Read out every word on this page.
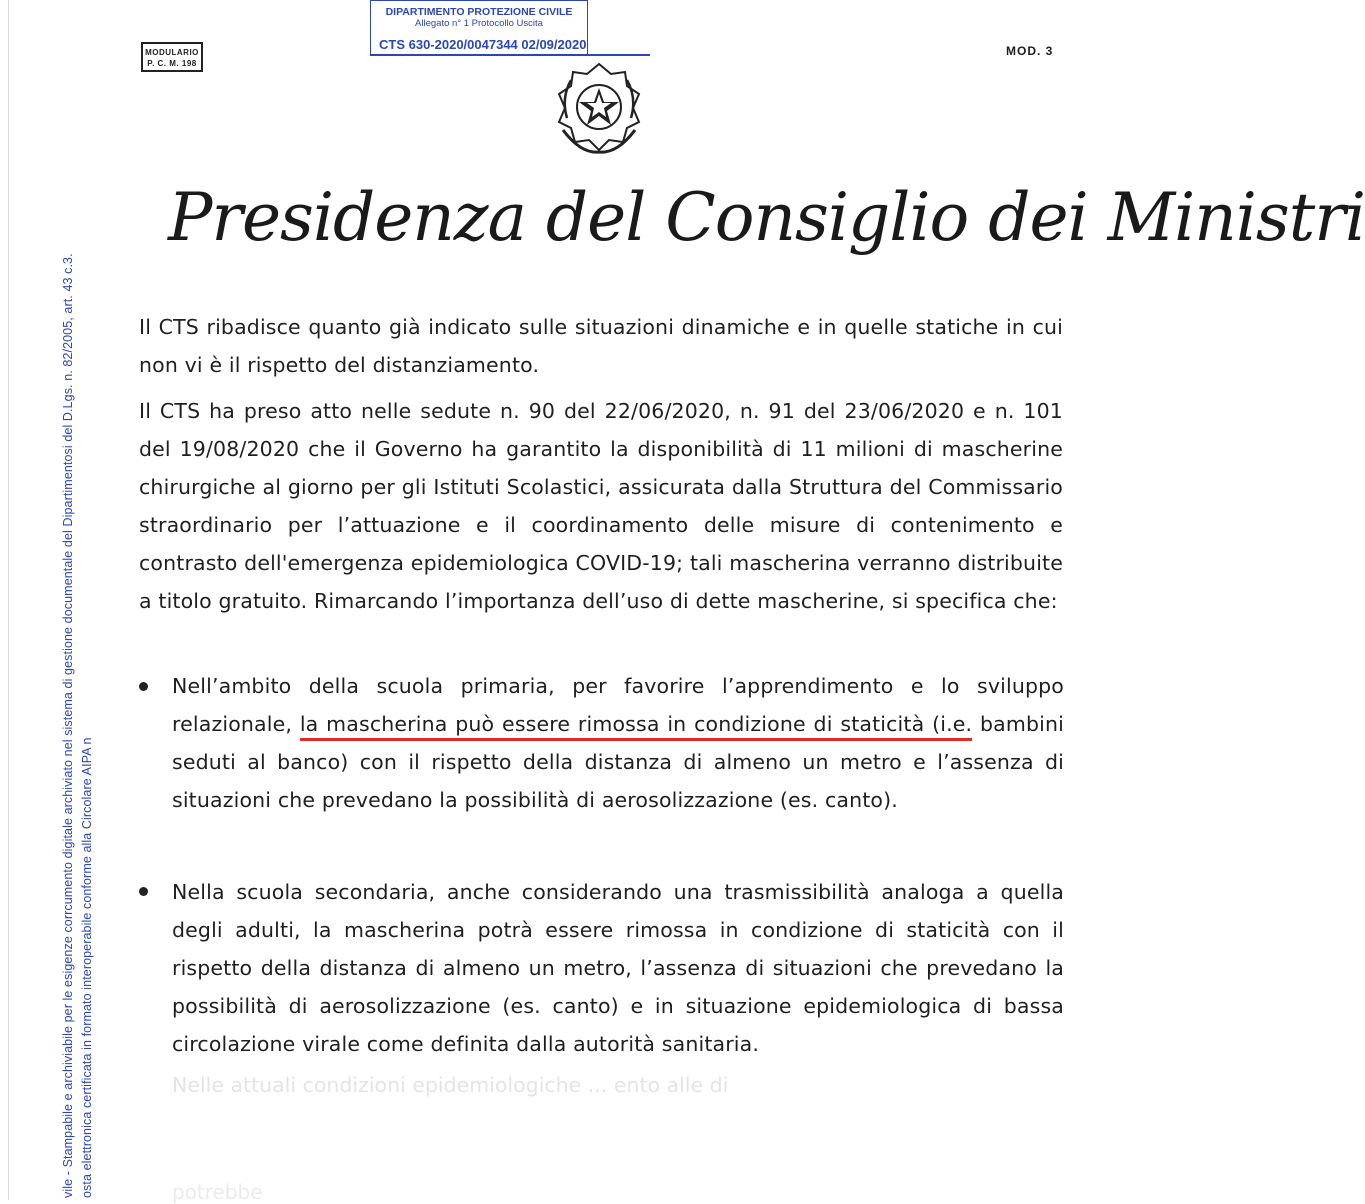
vile - Stampabile e archiviabile per le esigenze corrcumento digitale archiviato nel sistema di gestione documentale del Dipartimentosi del D.Lgs. n. 82/2005, art. 43 c.3. osta elettronica certificata in formato interoperabile conforme alla Circolare AIPA n
DIPARTIMENTO PROTEZIONE CIVILE
Allegato n° 1 Protocollo Uscita
CTS 630-2020/0047344 02/09/2020
MODULARIO
P. C. M. 198
MOD. 3
Presidenza del Consiglio dei Ministri
Il CTS ribadisce quanto già indicato sulle situazioni dinamiche e in quelle statiche in cui non vi è il rispetto del distanziamento.
Il CTS ha preso atto nelle sedute n. 90 del 22/06/2020, n. 91 del 23/06/2020 e n. 101 del 19/08/2020 che il Governo ha garantito la disponibilità di 11 milioni di mascherine chirurgiche al giorno per gli Istituti Scolastici, assicurata dalla Struttura del Commissario straordinario per l’attuazione e il coordinamento delle misure di contenimento e contrasto dell'emergenza epidemiologica COVID-19; tali mascherina verranno distribuite a titolo gratuito. Rimarcando l’importanza dell’uso di dette mascherine, si specifica che:
Nell’ambito della scuola primaria, per favorire l’apprendimento e lo sviluppo relazionale, la mascherina può essere rimossa in condizione di staticità (i.e. bambini seduti al banco) con il rispetto della distanza di almeno un metro e l’assenza di situazioni che prevedano la possibilità di aerosolizzazione (es. canto).
Nella scuola secondaria, anche considerando una trasmissibilità analoga a quella degli adulti, la mascherina potrà essere rimossa in condizione di staticità con il rispetto della distanza di almeno un metro, l’assenza di situazioni che prevedano la possibilità di aerosolizzazione (es. canto) e in situazione epidemiologica di bassa circolazione virale come definita dalla autorità sanitaria.
Nelle attuali condizioni epidemiologiche ... ento alle di
potrebbe
